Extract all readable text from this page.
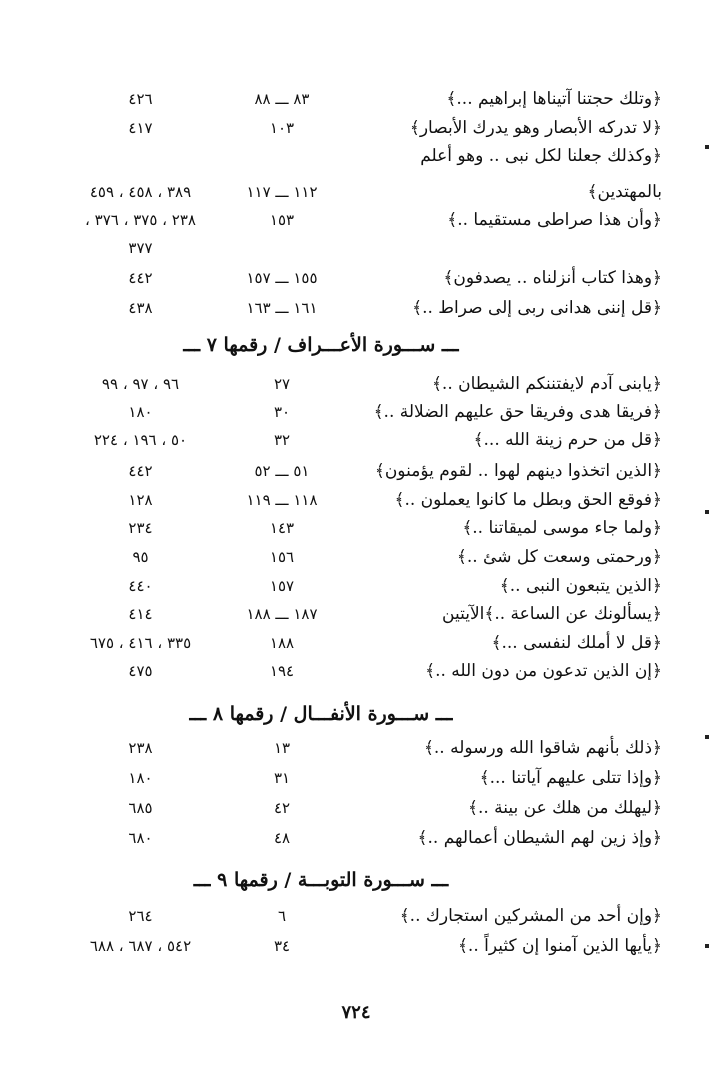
﴿وتلك حجتنا آتيناها إبراهيم ...﴾
٨٣ ـــ ٨٨
٤٢٦
﴿لا تدركه الأبصار وهو يدرك الأبصار﴾
١٠٣
٤١٧
﴿وكذلك جعلنا لكل نبى .. وهو أعلم
بالمهتدين﴾
١١٢ ـــ ١١٧
٣٨٩ ، ٤٥٨ ، ٤٥٩
﴿وأن هذا صراطى مستقيما ..﴾
١٥٣
٢٣٨ ، ٣٧٥ ، ٣٧٦ ،
٣٧٧
﴿وهذا كتاب أنزلناه .. يصدفون﴾
١٥٥ ـــ ١٥٧
٤٤٢
﴿قل إننى هدانى ربى إلى صراط ..﴾
١٦١ ـــ ١٦٣
٤٣٨
ـــ ســـورة الأعـــراف / رقمها ٧ ـــ
﴿يابنى آدم لايفتننكم الشيطان ..﴾
٢٧
٩٦ ، ٩٧ ، ٩٩
﴿فريقا هدى وفريقا حق عليهم الضلالة ..﴾
٣٠
١٨٠
﴿قل من حرم زينة الله ...﴾
٣٢
٥٠ ، ١٩٦ ، ٢٢٤
﴿الذين اتخذوا دينهم لهوا .. لقوم يؤمنون﴾
٥١ ـــ ٥٢
٤٤٢
﴿فوقع الحق وبطل ما كانوا يعملون ..﴾
١١٨ ـــ ١١٩
١٢٨
﴿ولما جاء موسى لميقاتنا ..﴾
١٤٣
٢٣٤
﴿ورحمتى وسعت كل شئ ..﴾
١٥٦
٩٥
﴿الذين يتبعون النبى ..﴾
١٥٧
٤٤٠
﴿يسألونك عن الساعة ..﴾الآيتين
١٨٧ ـــ ١٨٨
٤١٤
﴿قل لا أملك لنفسى ...﴾
١٨٨
٣٣٥ ، ٤١٦ ، ٦٧٥
﴿إن الذين تدعون من دون الله ..﴾
١٩٤
٤٧٥
ـــ ســـورة الأنفـــال / رقمها ٨ ـــ
﴿ذلك بأنهم شاقوا الله ورسوله ..﴾
١٣
٢٣٨
﴿وإذا تتلى عليهم آياتنا ...﴾
٣١
١٨٠
﴿ليهلك من هلك عن بينة ..﴾
٤٢
٦٨٥
﴿وإذ زين لهم الشيطان أعمالهم ..﴾
٤٨
٦٨٠
ـــ ســـورة التوبـــة / رقمها ٩ ـــ
﴿وإن أحد من المشركين استجارك ..﴾
٦
٢٦٤
﴿يأيها الذين آمنوا إن كثيراً ..﴾
٣٤
٥٤٢ ، ٦٨٧ ، ٦٨٨
٧٢٤
